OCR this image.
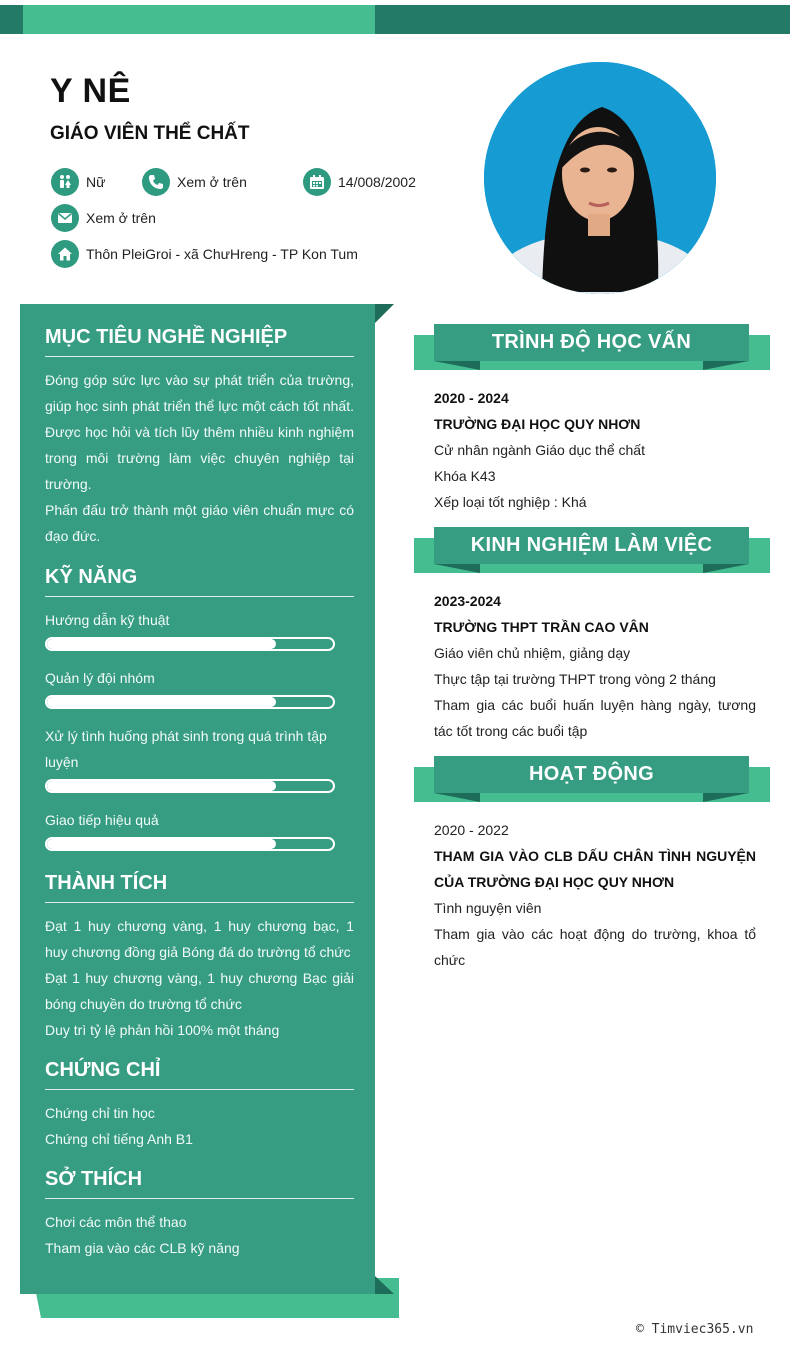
Y NÊ
GIÁO VIÊN THỂ CHẤT
Nữ	Xem ở trên	14/008/2002
Xem ở trên
Thôn PleiGroi - xã ChưHreng - TP Kon Tum
MỤC TIÊU NGHỀ NGHIỆP
Đóng góp sức lực vào sự phát triển của trường, giúp học sinh phát triển thể lực một cách tốt nhất. Được học hỏi và tích lũy thêm nhiều kinh nghiệm trong môi trường làm việc chuyên nghiệp tại trường.
Phấn đấu trở thành một giáo viên chuẩn mực có đạo đức.
KỸ NĂNG
Hướng dẫn kỹ thuật
Quản lý đội nhóm
Xử lý tình huống phát sinh trong quá trình tập luyện
Giao tiếp hiệu quả
THÀNH TÍCH
Đạt 1 huy chương vàng, 1 huy chương bạc, 1 huy chương đồng giả Bóng đá do trường tổ chức
Đạt 1 huy chương vàng, 1 huy chương Bạc giải bóng chuyền do trường tổ chức
Duy trì tỷ lệ phản hồi 100% một tháng
CHỨNG CHỈ
Chứng chỉ tin học
Chứng chỉ tiếng Anh B1
SỞ THÍCH
Chơi các môn thể thao
Tham gia vào các CLB kỹ năng
TRÌNH ĐỘ HỌC VẤN
2020 - 2024
TRƯỜNG ĐẠI HỌC QUY NHƠN
Cử nhân ngành Giáo dục thể chất
Khóa K43
Xếp loại tốt nghiệp : Khá
KINH NGHIỆM LÀM VIỆC
2023-2024
TRƯỜNG THPT TRẦN CAO VÂN
Giáo viên chủ nhiệm, giảng dạy
Thực tập tại trường THPT trong vòng 2 tháng
Tham gia các buổi huấn luyện hàng ngày, tương tác tốt trong các buổi tập
HOẠT ĐỘNG
2020 - 2022
THAM GIA VÀO CLB DẤU CHÂN TÌNH NGUYỆN CỦA TRƯỜNG ĐẠI HỌC QUY NHƠN
Tình nguyện viên
Tham gia vào các hoạt động do trường, khoa tổ chức
© Timviec365.vn
